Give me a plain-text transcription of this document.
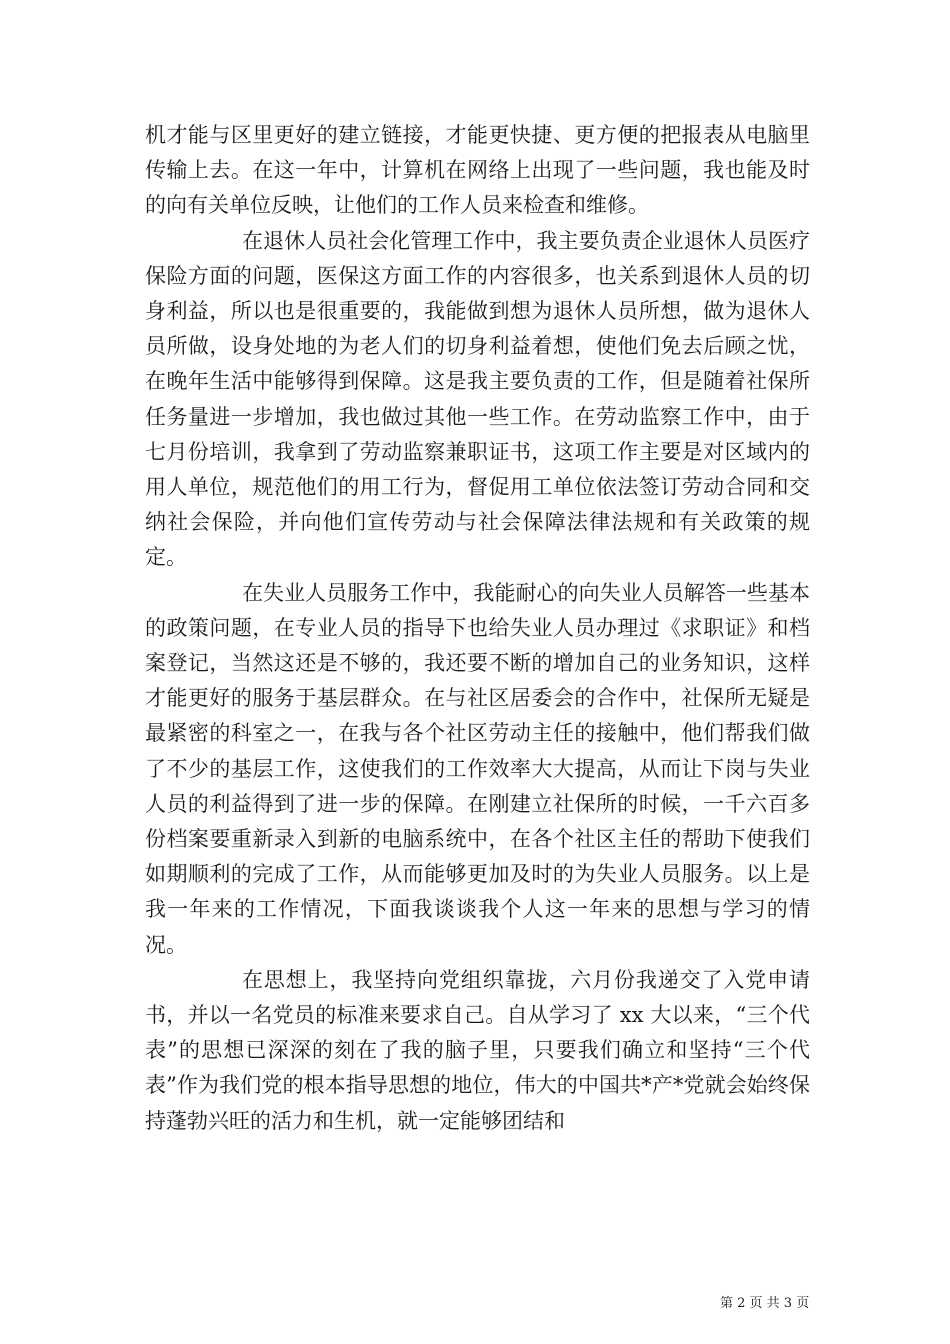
机才能与区里更好的建立链接，才能更快捷、更方便的把报表从电脑里传输上去。在这一年中，计算机在网络上出现了一些问题，我也能及时的向有关单位反映，让他们的工作人员来检查和维修。

在退休人员社会化管理工作中，我主要负责企业退休人员医疗保险方面的问题，医保这方面工作的内容很多，也关系到退休人员的切身利益，所以也是很重要的，我能做到想为退休人员所想，做为退休人员所做，设身处地的为老人们的切身利益着想，使他们免去后顾之忧，在晚年生活中能够得到保障。这是我主要负责的工作，但是随着社保所任务量进一步增加，我也做过其他一些工作。在劳动监察工作中，由于七月份培训，我拿到了劳动监察兼职证书，这项工作主要是对区域内的用人单位，规范他们的用工行为，督促用工单位依法签订劳动合同和交纳社会保险，并向他们宣传劳动与社会保障法律法规和有关政策的规定。

在失业人员服务工作中，我能耐心的向失业人员解答一些基本的政策问题，在专业人员的指导下也给失业人员办理过《求职证》和档案登记，当然这还是不够的，我还要不断的增加自己的业务知识，这样才能更好的服务于基层群众。在与社区居委会的合作中，社保所无疑是最紧密的科室之一，在我与各个社区劳动主任的接触中，他们帮我们做了不少的基层工作，这使我们的工作效率大大提高，从而让下岗与失业人员的利益得到了进一步的保障。在刚建立社保所的时候，一千六百多份档案要重新录入到新的电脑系统中，在各个社区主任的帮助下使我们如期顺利的完成了工作，从而能够更加及时的为失业人员服务。以上是我一年来的工作情况，下面我谈谈我个人这一年来的思想与学习的情况。

在思想上，我坚持向党组织靠拢，六月份我递交了入党申请书，并以一名党员的标准来要求自己。自从学习了 xx 大以来，“三个代表”的思想已深深的刻在了我的脑子里，只要我们确立和坚持“三个代表”作为我们党的根本指导思想的地位，伟大的中国共*产*党就会始终保持蓬勃兴旺的活力和生机，就一定能够团结和

第 2 页 共 3 页
